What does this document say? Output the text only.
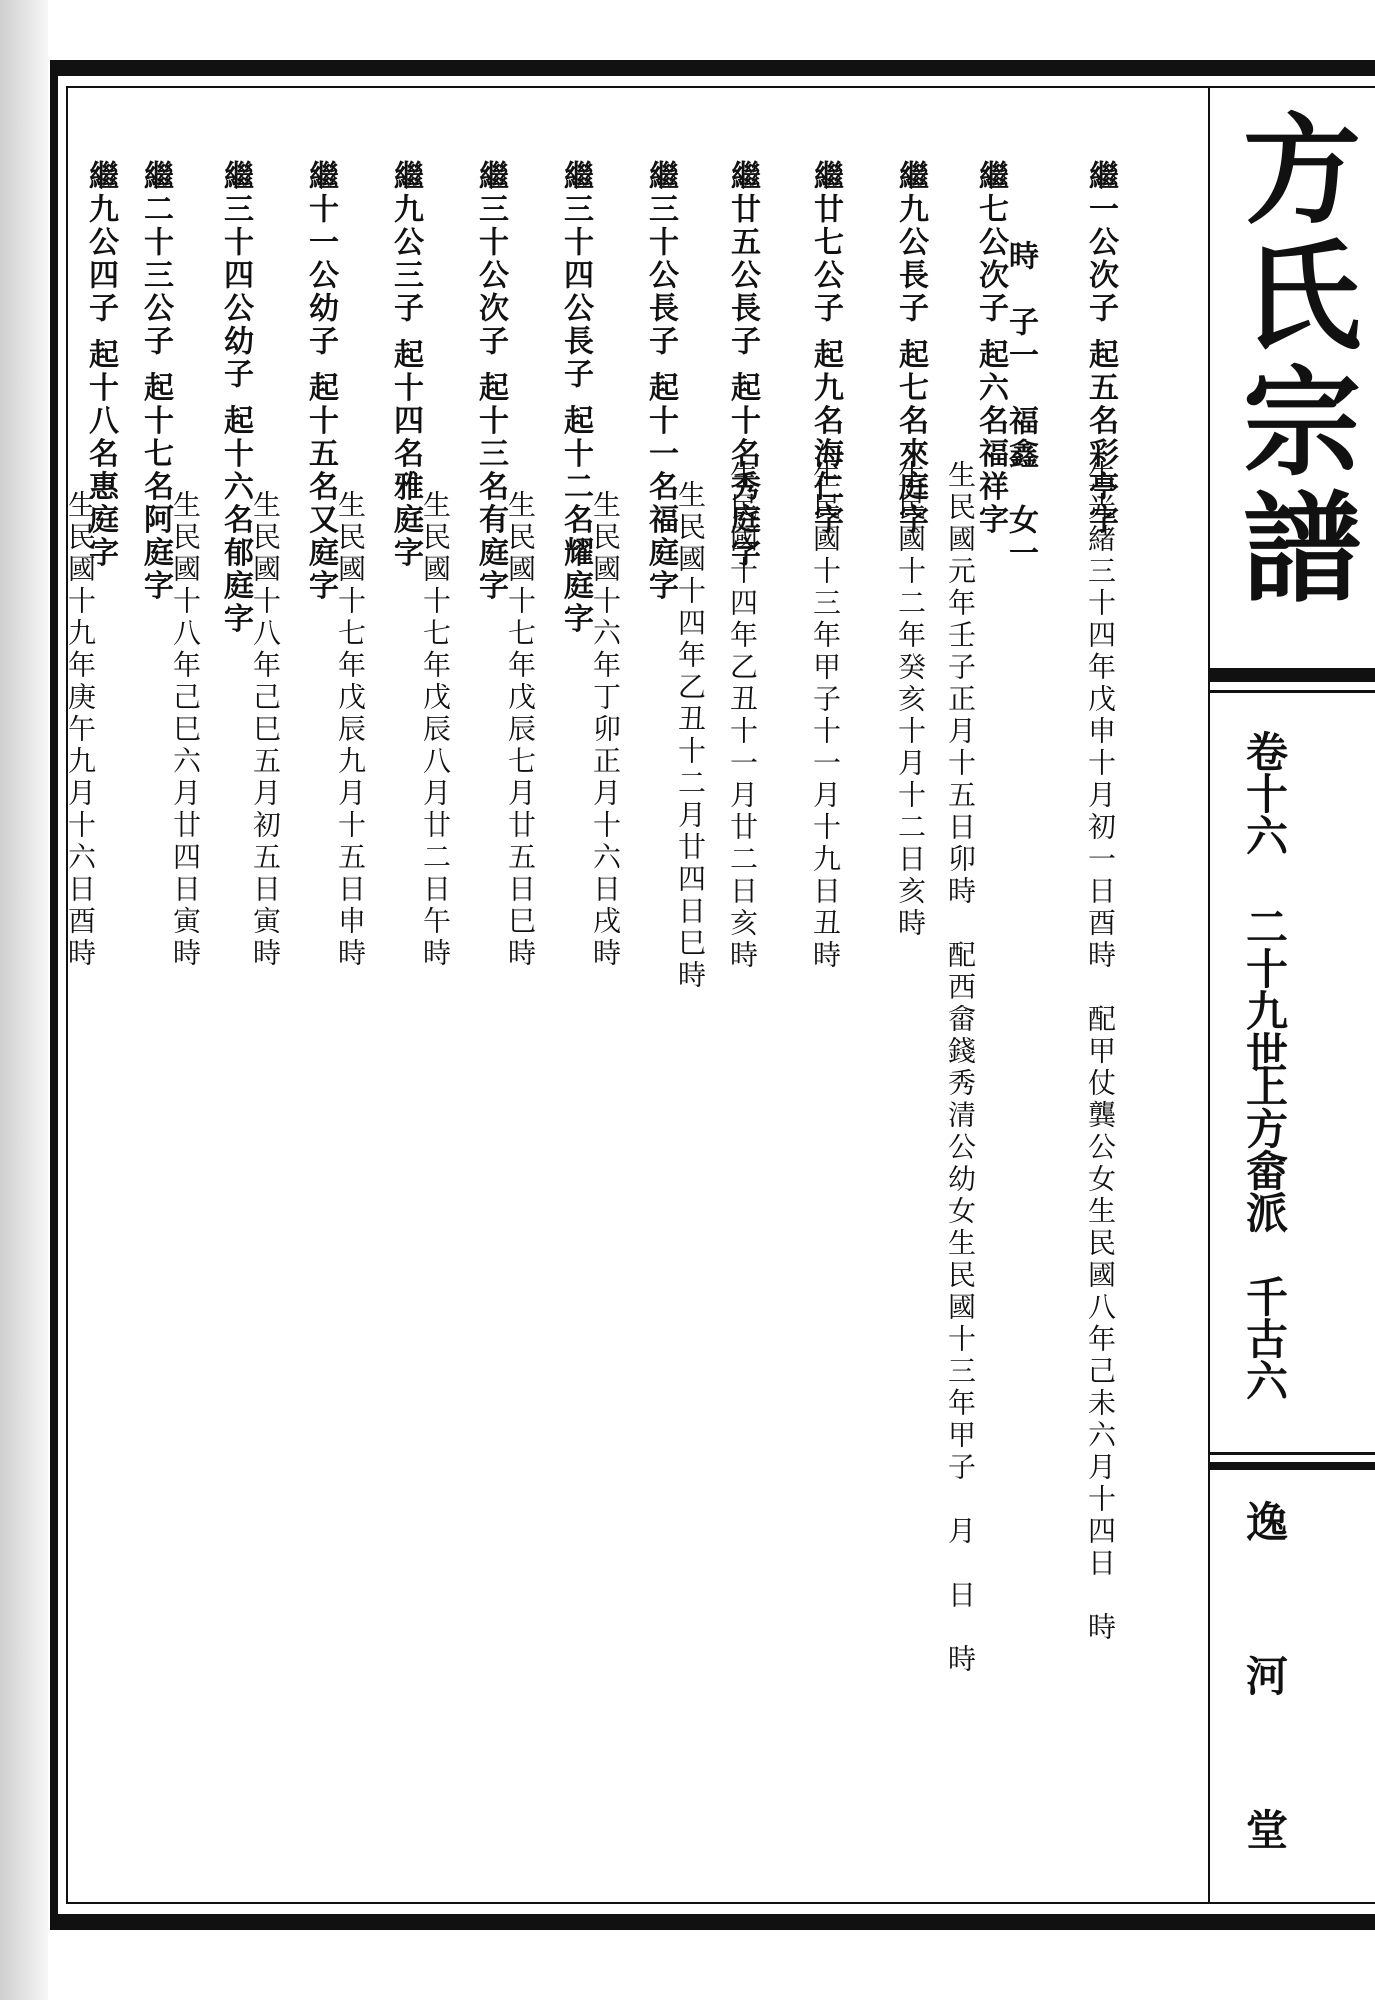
方氏宗譜
卷十六
二十九世
上方畲派
千古六
逸河堂
繼一公次子 起五名彩亭字
生光緒三十四年戊申十月初一日酉時　配甲仗龔公女生民國八年己未六月十四日　時
時　子一　福鑫　女一
繼七公次子 起六名福祥字
生民國元年壬子正月十五日卯時　配西畲錢秀清公幼女生民國十三年甲子　月　日　時
繼九公長子 起七名來庭字
生民國十二年癸亥十月十二日亥時
繼廿七公子 起九名海仁字
生民國十三年甲子十一月十九日丑時
繼廿五公長子 起十名秀庭字
生民國十四年乙丑十一月廿二日亥時
繼三十公長子 起十一名福庭字
生民國十四年乙丑十二月廿四日巳時
繼三十四公長子 起十二名耀庭字
生民國十六年丁卯正月十六日戌時
繼三十公次子 起十三名有庭字
生民國十七年戊辰七月廿五日巳時
繼九公三子 起十四名雅庭字
生民國十七年戊辰八月廿二日午時
繼十一公幼子 起十五名又庭字
生民國十七年戊辰九月十五日申時
繼三十四公幼子 起十六名郁庭字
生民國十八年己巳五月初五日寅時
繼二十三公子 起十七名阿庭字
生民國十八年己巳六月廿四日寅時
繼九公四子 起十八名惠庭字
生民國十九年庚午九月十六日酉時
